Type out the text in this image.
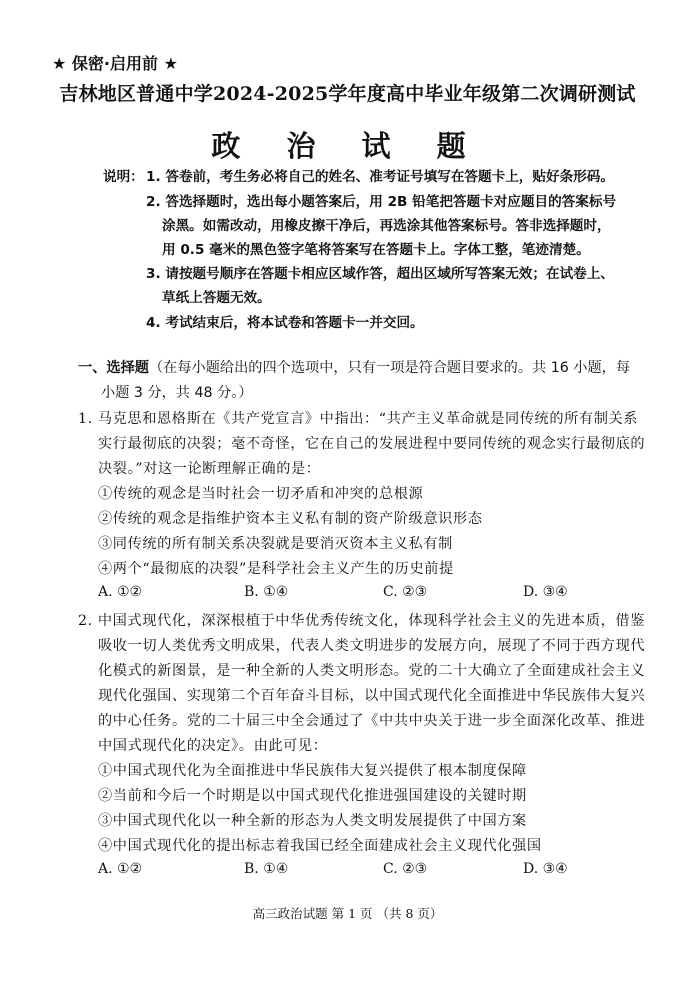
★ 保密·启用前 ★
吉林地区普通中学2024-2025学年度高中毕业年级第二次调研测试
政 治 试 题
说明： 1. 答卷前，考生务必将自己的姓名、准考证号填写在答题卡上，贴好条形码。
2. 答选择题时，选出每小题答案后，用 2B 铅笔把答题卡对应题目的答案标号
涂黑。如需改动，用橡皮擦干净后，再选涂其他答案标号。答非选择题时，
用 0.5 毫米的黑色签字笔将答案写在答题卡上。字体工整，笔迹清楚。
3. 请按题号顺序在答题卡相应区域作答，超出区域所写答案无效；在试卷上、
草纸上答题无效。
4. 考试结束后，将本试卷和答题卡一并交回。
一、选择题（在每小题给出的四个选项中，只有一项是符合题目要求的。共 16 小题，每
小题 3 分，共 48 分。）
1. 马克思和恩格斯在《共产党宣言》中指出：“共产主义革命就是同传统的所有制关系
实行最彻底的决裂；毫不奇怪，它在自己的发展进程中要同传统的观念实行最彻底的
决裂。”对这一论断理解正确的是：
①传统的观念是当时社会一切矛盾和冲突的总根源
②传统的观念是指维护资本主义私有制的资产阶级意识形态
③同传统的所有制关系决裂就是要消灭资本主义私有制
④两个“最彻底的决裂”是科学社会主义产生的历史前提
A. ①②	B. ①④	C. ②③	D. ③④
2. 中国式现代化，深深根植于中华优秀传统文化，体现科学社会主义的先进本质，借鉴
吸收一切人类优秀文明成果，代表人类文明进步的发展方向，展现了不同于西方现代
化模式的新图景，是一种全新的人类文明形态。党的二十大确立了全面建成社会主义
现代化强国、实现第二个百年奋斗目标，以中国式现代化全面推进中华民族伟大复兴
的中心任务。党的二十届三中全会通过了《中共中央关于进一步全面深化改革、推进
中国式现代化的决定》。由此可见：
①中国式现代化为全面推进中华民族伟大复兴提供了根本制度保障
②当前和今后一个时期是以中国式现代化推进强国建设的关键时期
③中国式现代化以一种全新的形态为人类文明发展提供了中国方案
④中国式现代化的提出标志着我国已经全面建成社会主义现代化强国
A. ①②	B. ①④	C. ②③	D. ③④
高三政治试题 第 1 页 （共 8 页）
